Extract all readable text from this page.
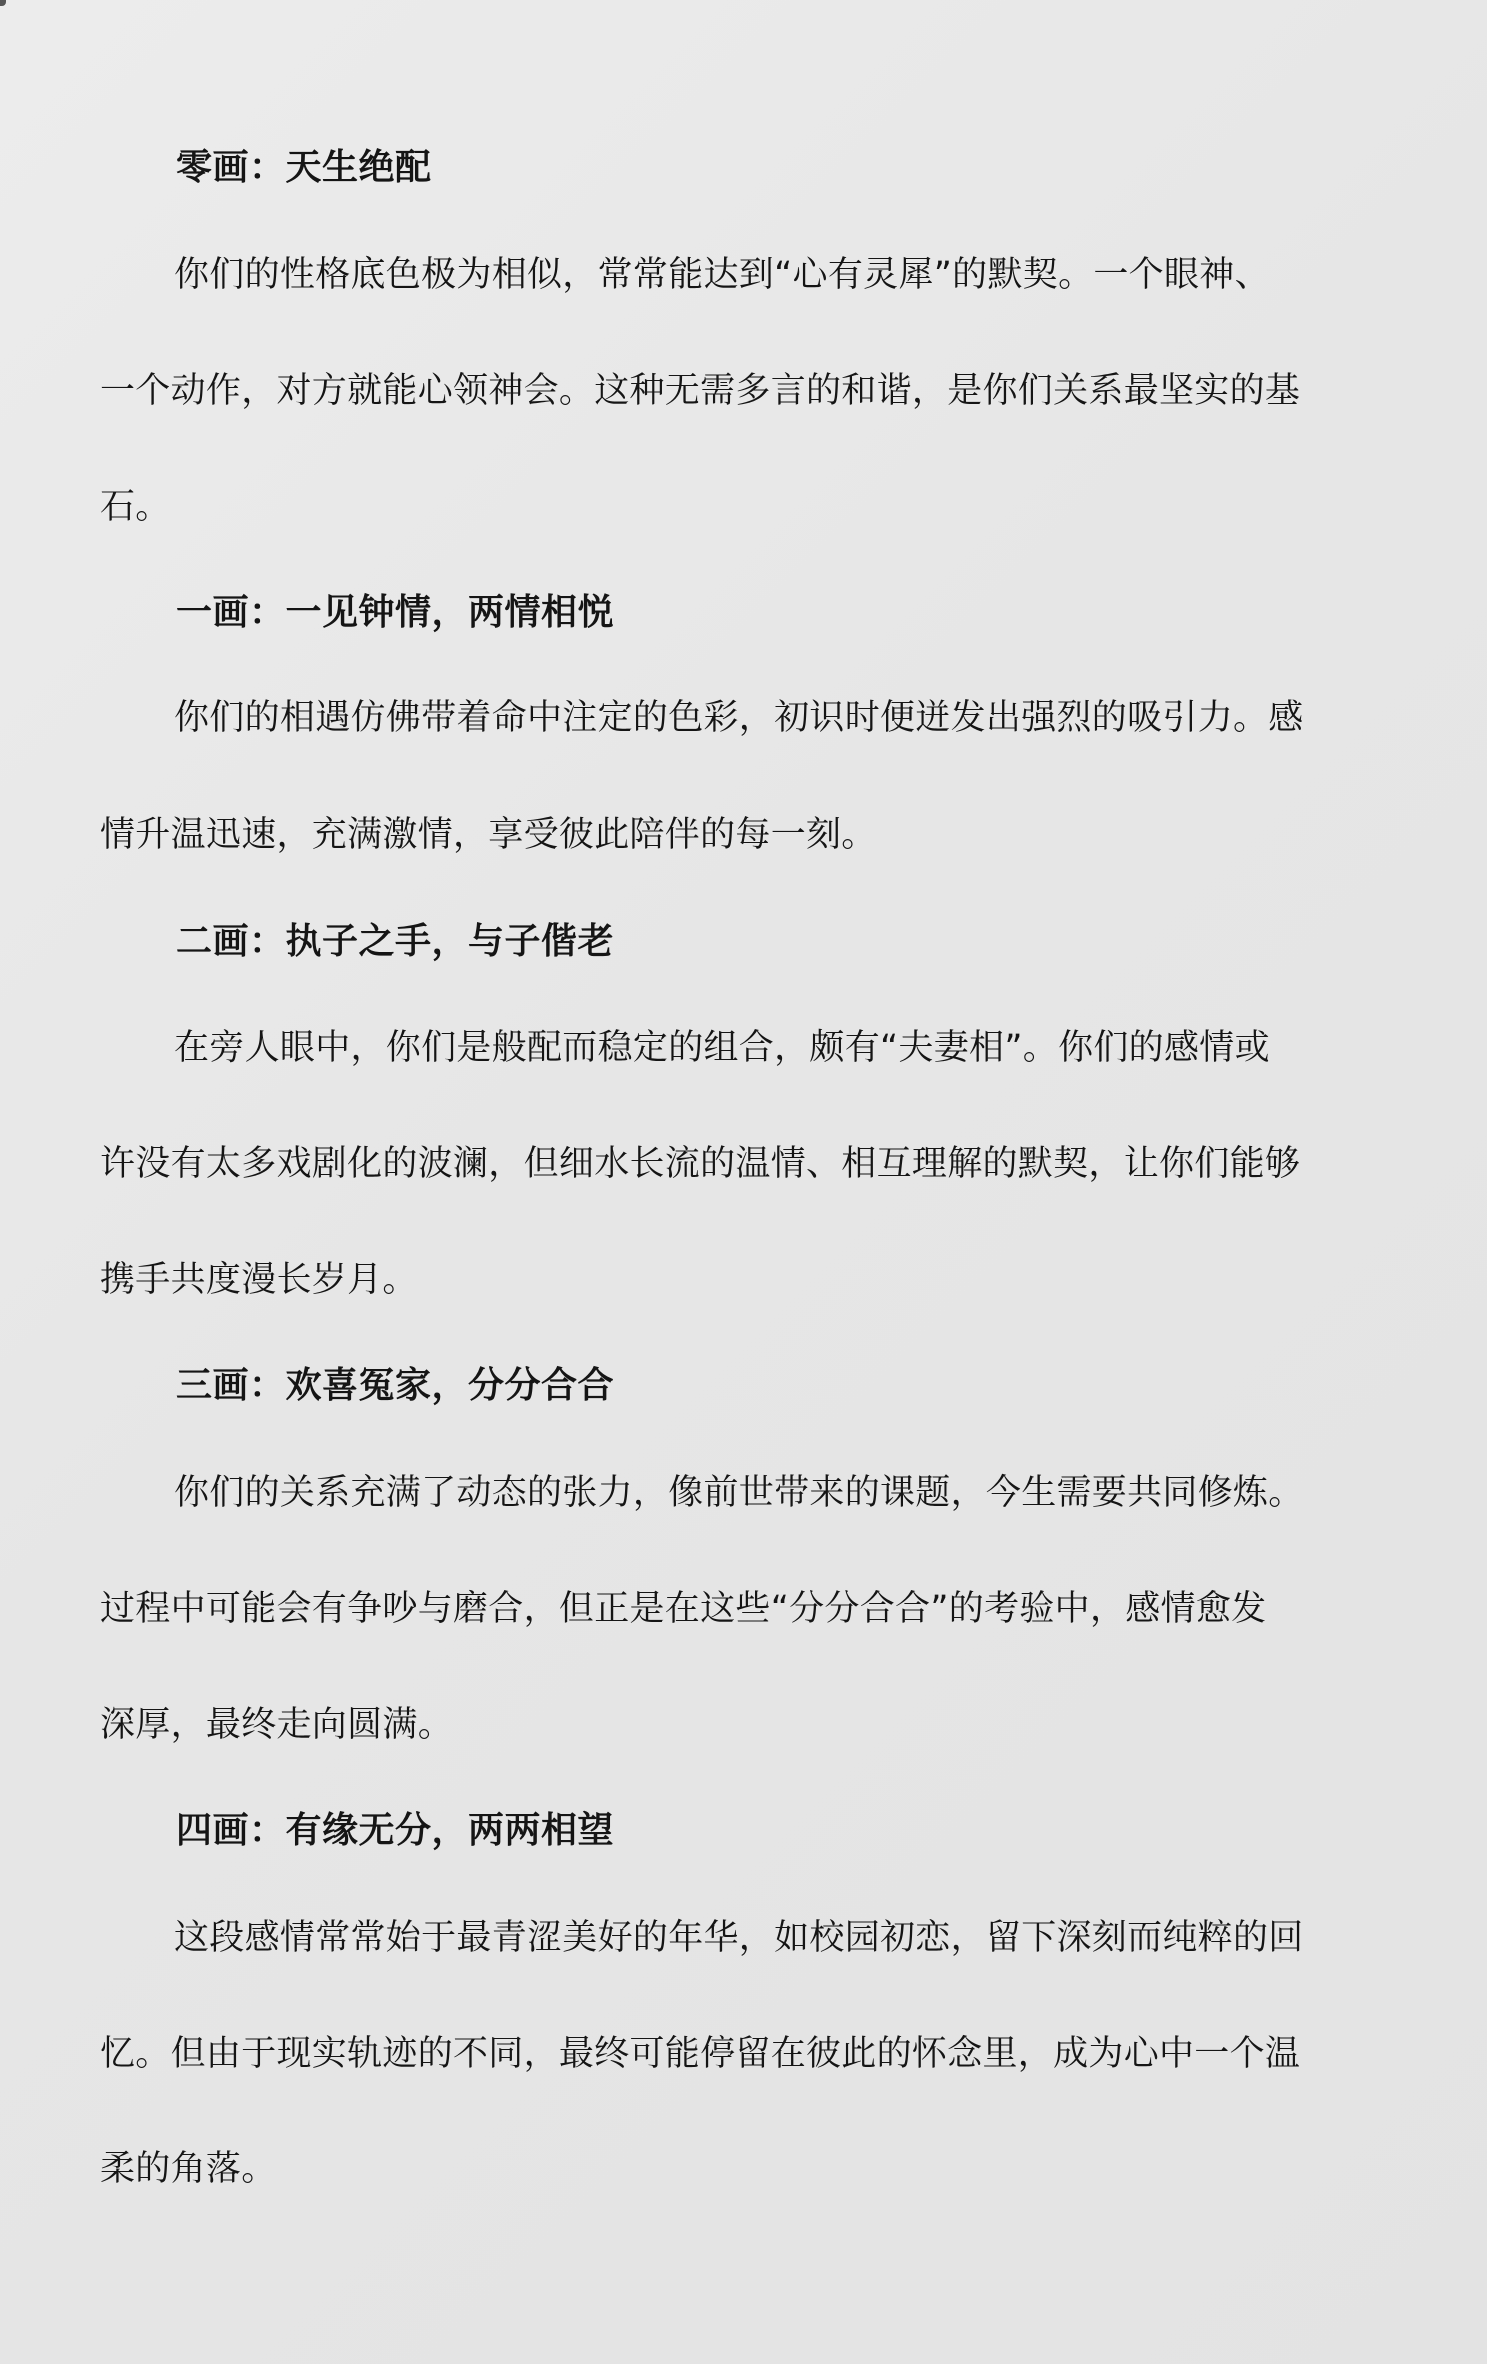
零画：天生绝配
你们的性格底色极为相似，常常能达到“心有灵犀”的默契。一个眼神、
一个动作，对方就能心领神会。这种无需多言的和谐，是你们关系最坚实的基
石。
一画：一见钟情，两情相悦
你们的相遇仿佛带着命中注定的色彩，初识时便迸发出强烈的吸引力。感
情升温迅速，充满激情，享受彼此陪伴的每一刻。
二画：执子之手，与子偕老
在旁人眼中，你们是般配而稳定的组合，颇有“夫妻相”。你们的感情或
许没有太多戏剧化的波澜，但细水长流的温情、相互理解的默契，让你们能够
携手共度漫长岁月。
三画：欢喜冤家，分分合合
你们的关系充满了动态的张力，像前世带来的课题，今生需要共同修炼。
过程中可能会有争吵与磨合，但正是在这些“分分合合”的考验中，感情愈发
深厚，最终走向圆满。
四画：有缘无分，两两相望
这段感情常常始于最青涩美好的年华，如校园初恋，留下深刻而纯粹的回
忆。但由于现实轨迹的不同，最终可能停留在彼此的怀念里，成为心中一个温
柔的角落。
